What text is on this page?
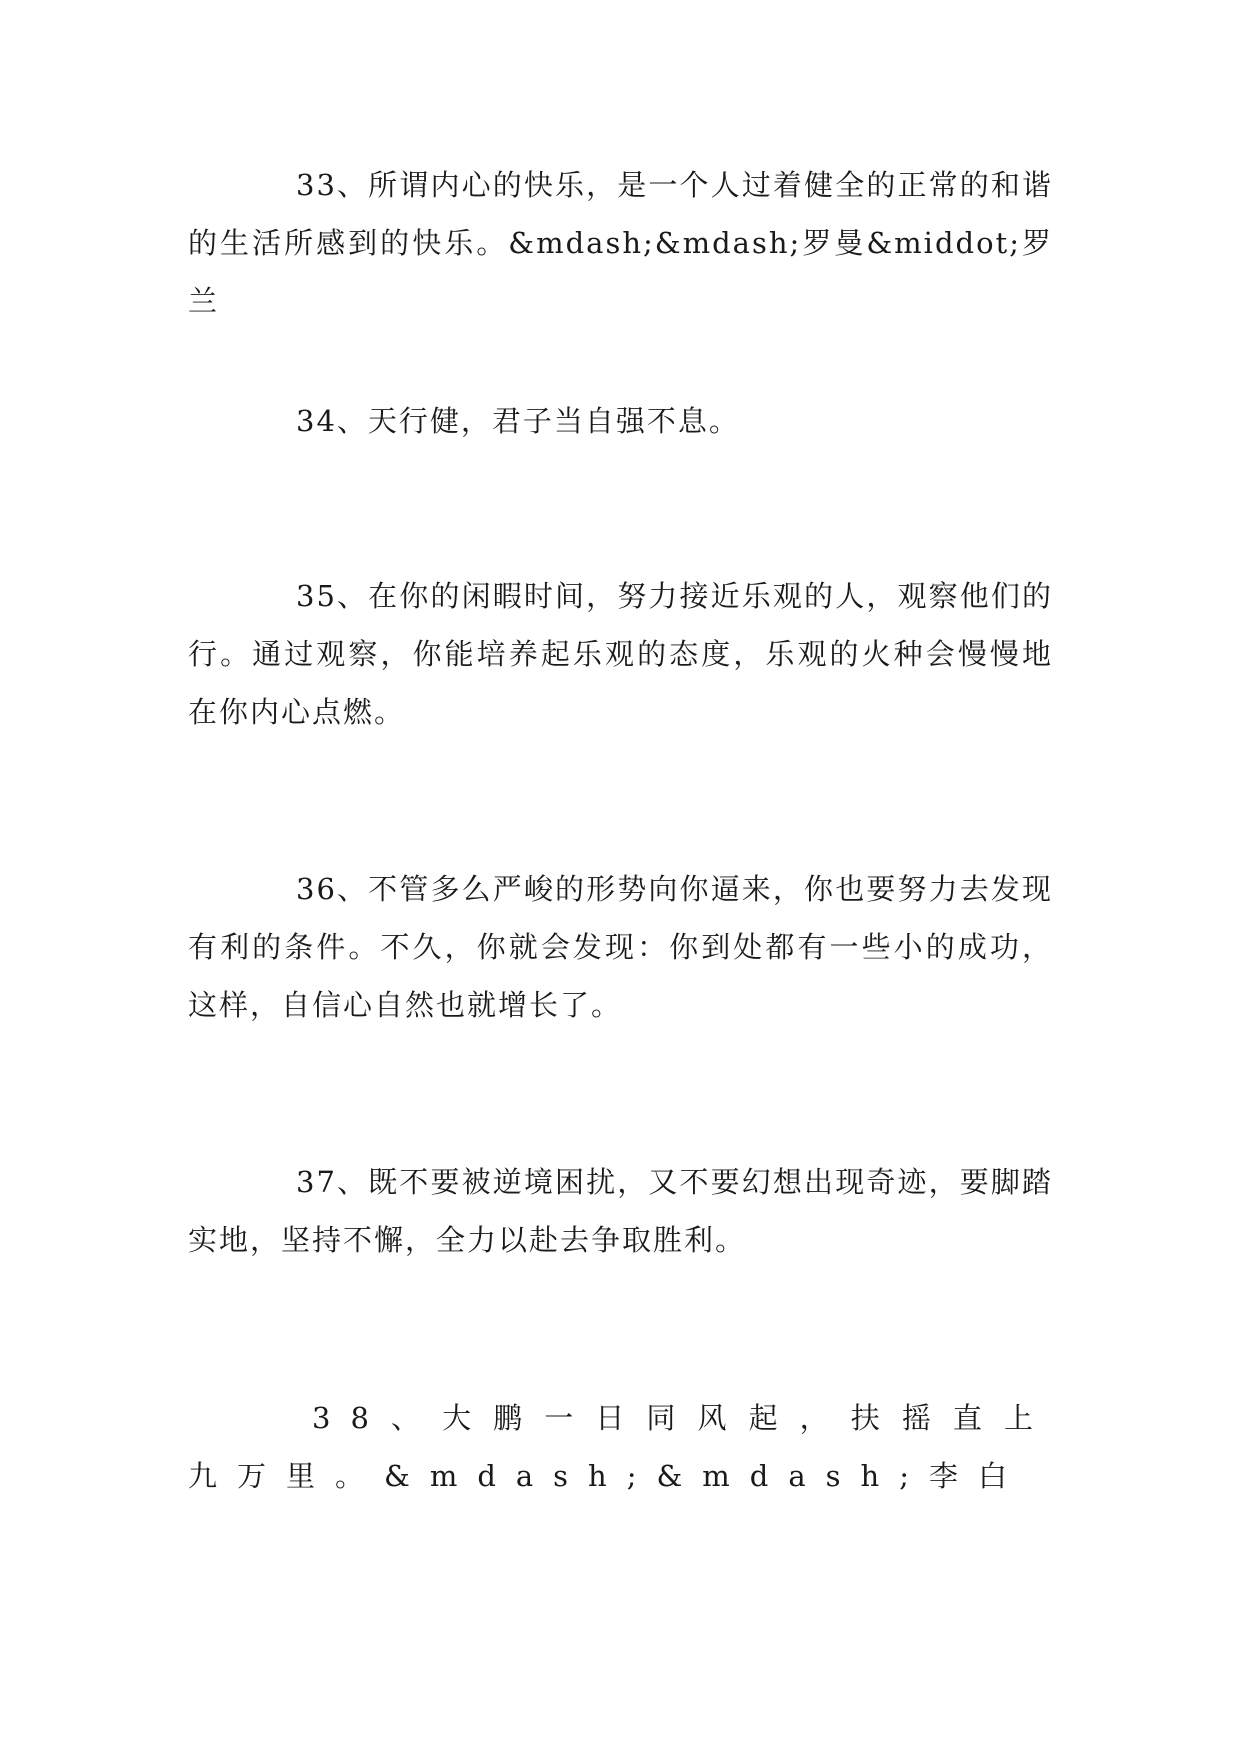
33、所谓内心的快乐，是一个人过着健全的正常的和谐的生活所感到的快乐。&mdash;&mdash;罗曼&middot;罗兰

34、天行健，君子当自强不息。

35、在你的闲暇时间，努力接近乐观的人，观察他们的行。通过观察，你能培养起乐观的态度，乐观的火种会慢慢地在你内心点燃。

36、不管多么严峻的形势向你逼来，你也要努力去发现有利的条件。不久，你就会发现：你到处都有一些小的成功，这样，自信心自然也就增长了。

37、既不要被逆境困扰，又不要幻想出现奇迹，要脚踏实地，坚持不懈，全力以赴去争取胜利。

38、大鹏一日同风起，扶摇直上九万里。&mdash;&mdash;李白
